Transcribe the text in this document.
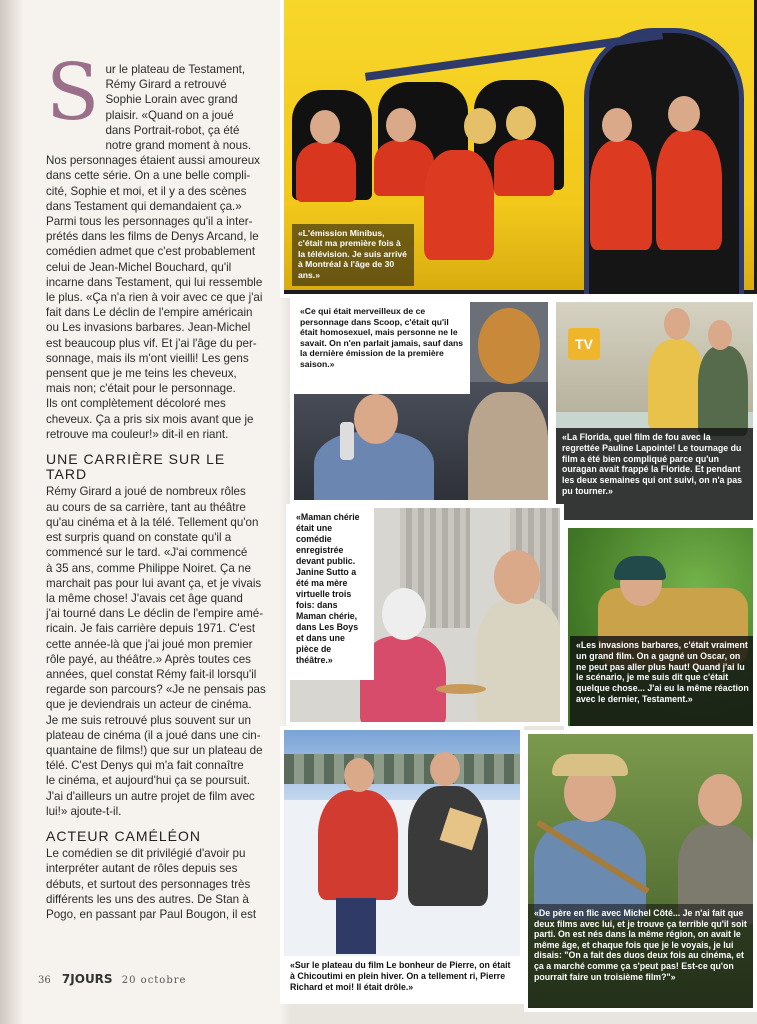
S ur le plateau de Testament,
Rémy Girard a retrouvé
Sophie Lorain avec grand
plaisir. «Quand on a joué
dans Portrait-robot, ça été
notre grand moment à nous.
Nos personnages étaient aussi amoureux
dans cette série. On a une belle compli-
cité, Sophie et moi, et il y a des scènes
dans Testament qui demandaient ça.»
Parmi tous les personnages qu'il a inter-
prétés dans les films de Denys Arcand, le
comédien admet que c'est probablement
celui de Jean-Michel Bouchard, qu'il
incarne dans Testament, qui lui ressemble
le plus. «Ça n'a rien à voir avec ce que j'ai
fait dans Le déclin de l'empire américain
ou Les invasions barbares. Jean-Michel
est beaucoup plus vif. Et j'ai l'âge du per-
sonnage, mais ils m'ont vieilli! Les gens
pensent que je me teins les cheveux,
mais non; c'était pour le personnage.
Ils ont complètement décoloré mes
cheveux. Ça a pris six mois avant que je
retrouve ma couleur!» dit-il en riant.
UNE CARRIÈRE SUR LE TARD
Rémy Girard a joué de nombreux rôles
au cours de sa carrière, tant au théâtre
qu'au cinéma et à la télé. Tellement qu'on
est surpris quand on constate qu'il a
commencé sur le tard. «J'ai commencé
à 35 ans, comme Philippe Noiret. Ça ne
marchait pas pour lui avant ça, et je vivais
la même chose! J'avais cet âge quand
j'ai tourné dans Le déclin de l'empire amé-
ricain. Je fais carrière depuis 1971. C'est
cette année-là que j'ai joué mon premier
rôle payé, au théâtre.» Après toutes ces
années, quel constat Rémy fait-il lorsqu'il
regarde son parcours? «Je ne pensais pas
que je deviendrais un acteur de cinéma.
Je me suis retrouvé plus souvent sur un
plateau de cinéma (il a joué dans une cin-
quantaine de films!) que sur un plateau de
télé. C'est Denys qui m'a fait connaître
le cinéma, et aujourd'hui ça se poursuit.
J'ai d'ailleurs un autre projet de film avec
lui!» ajoute-t-il.
ACTEUR CAMÉLÉON
Le comédien se dit privilégié d'avoir pu
interpréter autant de rôles depuis ses
débuts, et surtout des personnages très
différents les uns des autres. De Stan à
Pogo, en passant par Paul Bougon, il est
36 7JOURS 20 octobre
«L'émission Minibus, c'était ma première fois à la télévision. Je suis arrivé à Montréal à l'âge de 30 ans.»
«Ce qui était merveilleux de ce personnage dans Scoop, c'était qu'il était homosexuel, mais personne ne le savait. On n'en parlait jamais, sauf dans la dernière émission de la première saison.»
TV
«La Florida, quel film de fou avec la regrettée Pauline Lapointe! Le tournage du film a été bien compliqué parce qu'un ouragan avait frappé la Floride. Et pendant les deux semaines qui ont suivi, on n'a pas pu tourner.»
«Maman chérie était une comédie enregistrée devant public. Janine Sutto a été ma mère virtuelle trois fois: dans Maman chérie, dans Les Boys et dans une pièce de théâtre.»
«Les invasions barbares, c'était vraiment un grand film. On a gagné un Oscar, on ne peut pas aller plus haut! Quand j'ai lu le scénario, je me suis dit que c'était quelque chose... J'ai eu la même réaction avec le dernier, Testament.»
«Sur le plateau du film Le bonheur de Pierre, on était à Chicoutimi en plein hiver. On a tellement ri, Pierre Richard et moi! Il était drôle.»
«De père en flic avec Michel Côté... Je n'ai fait que deux films avec lui, et je trouve ça terrible qu'il soit parti. On est nés dans la même région, on avait le même âge, et chaque fois que je le voyais, je lui disais: "On a fait des duos deux fois au cinéma, et ça a marché comme ça s'peut pas! Est-ce qu'on pourrait faire un troisième film?"»
